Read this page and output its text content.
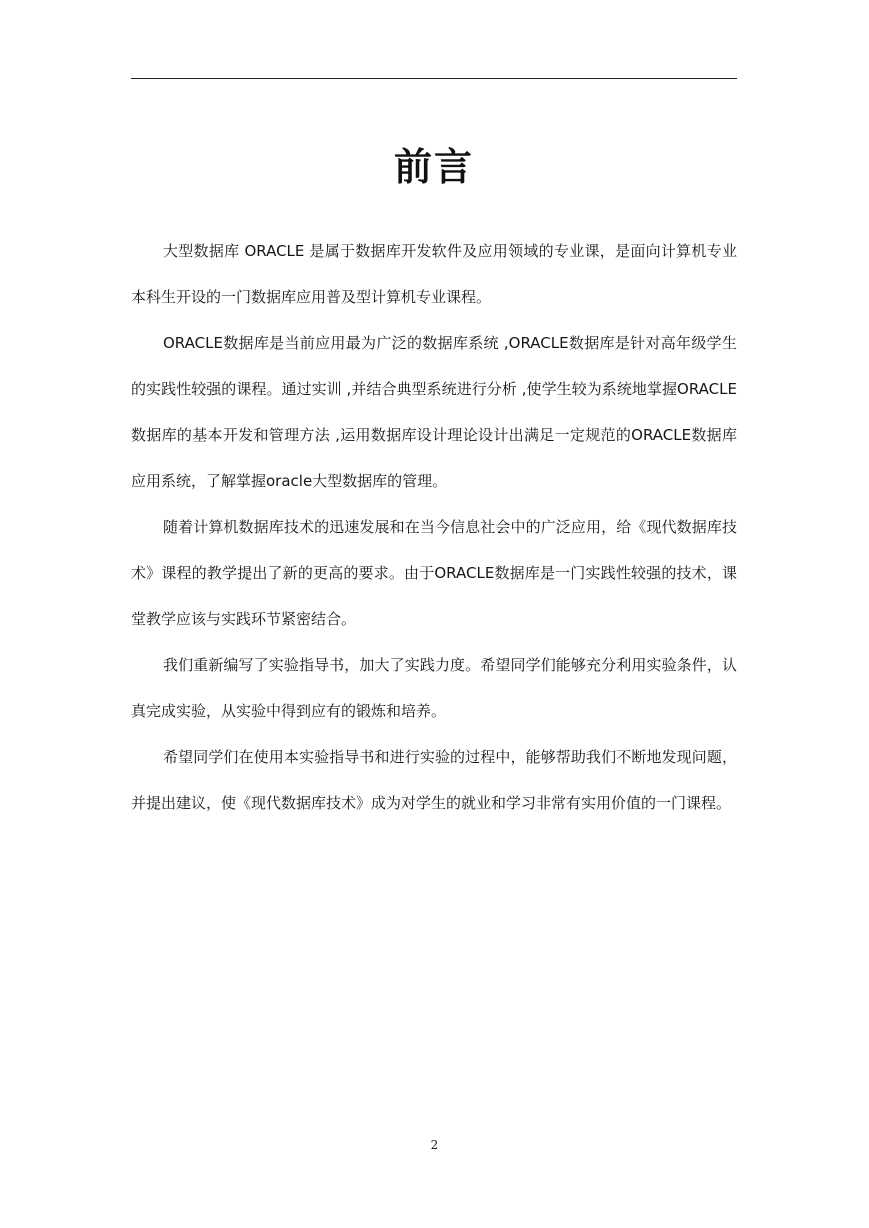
前言

大型数据库 ORACLE 是属于数据库开发软件及应用领域的专业课，是面向计算机专业本科生开设的一门数据库应用普及型计算机专业课程。

ORACLE数据库是当前应用最为广泛的数据库系统 ,ORACLE数据库是针对高年级学生的实践性较强的课程。通过实训 ,并结合典型系统进行分析 ,使学生较为系统地掌握ORACLE数据库的基本开发和管理方法 ,运用数据库设计理论设计出满足一定规范的ORACLE数据库应用系统，了解掌握oracle大型数据库的管理。

随着计算机数据库技术的迅速发展和在当今信息社会中的广泛应用，给《现代数据库技术》课程的教学提出了新的更高的要求。由于ORACLE数据库是一门实践性较强的技术，课堂教学应该与实践环节紧密结合。

我们重新编写了实验指导书，加大了实践力度。希望同学们能够充分利用实验条件，认真完成实验，从实验中得到应有的锻炼和培养。

希望同学们在使用本实验指导书和进行实验的过程中，能够帮助我们不断地发现问题，并提出建议，使《现代数据库技术》成为对学生的就业和学习非常有实用价值的一门课程。

2
